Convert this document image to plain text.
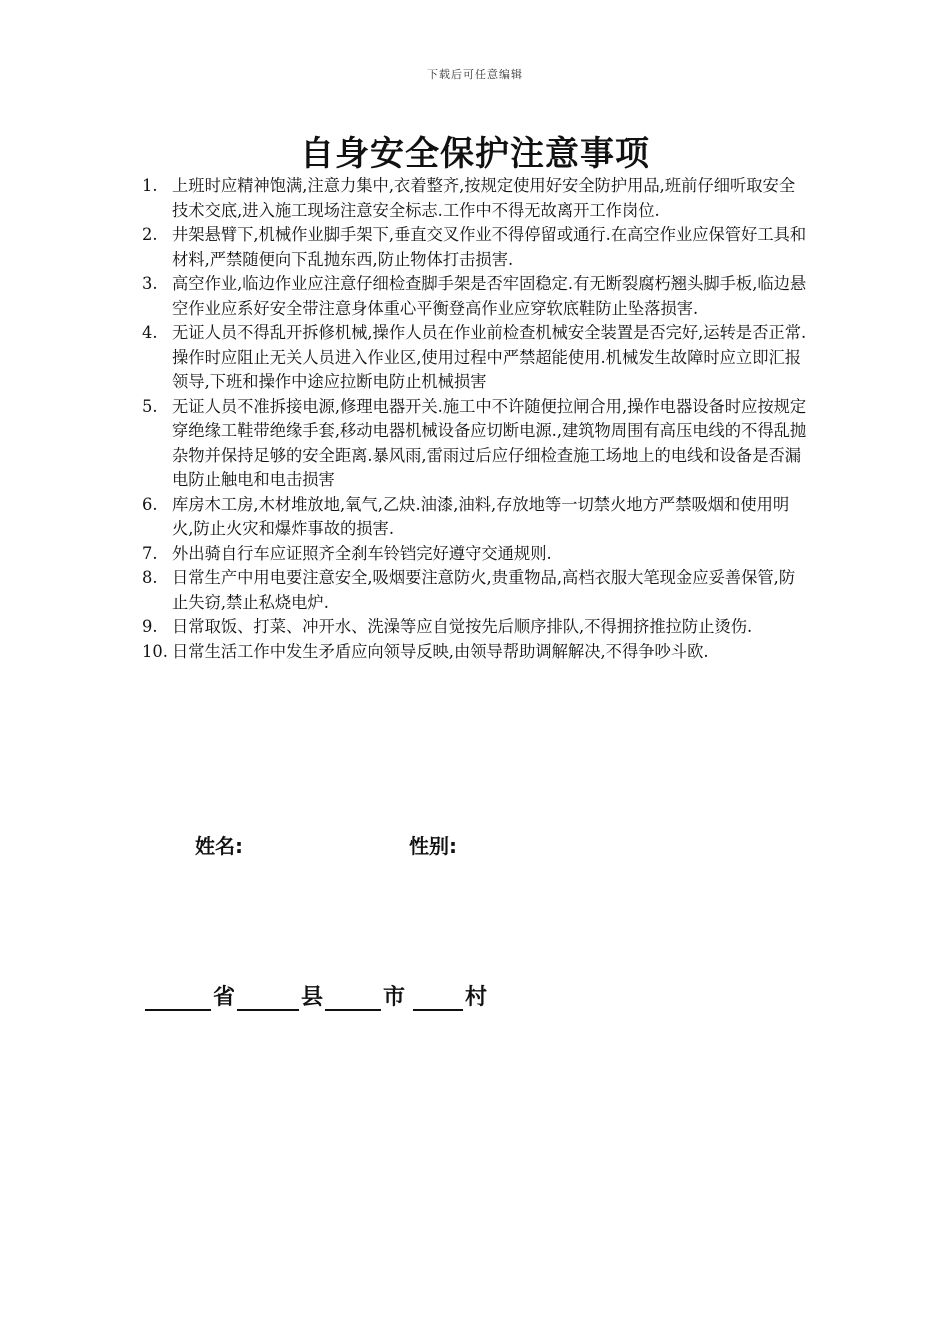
下载后可任意编辑
自身安全保护注意事项
1. 上班时应精神饱满,注意力集中,衣着整齐,按规定使用好安全防护用品,班前仔细听取安全技术交底,进入施工现场注意安全标志.工作中不得无故离开工作岗位.
2. 井架悬臂下,机械作业脚手架下,垂直交叉作业不得停留或通行.在高空作业应保管好工具和材料,严禁随便向下乱抛东西,防止物体打击损害.
3. 高空作业,临边作业应注意仔细检查脚手架是否牢固稳定.有无断裂腐朽翘头脚手板,临边悬空作业应系好安全带注意身体重心平衡登高作业应穿软底鞋防止坠落损害.
4. 无证人员不得乱开拆修机械,操作人员在作业前检查机械安全装置是否完好,运转是否正常.操作时应阻止无关人员进入作业区,使用过程中严禁超能使用.机械发生故障时应立即汇报领导,下班和操作中途应拉断电防止机械损害
5. 无证人员不准拆接电源,修理电器开关.施工中不许随便拉闸合用,操作电器设备时应按规定穿绝缘工鞋带绝缘手套,移动电器机械设备应切断电源.,建筑物周围有高压电线的不得乱抛杂物并保持足够的安全距离.暴风雨,雷雨过后应仔细检查施工场地上的电线和设备是否漏电防止触电和电击损害
6. 库房木工房,木材堆放地,氧气,乙炔.油漆,油料,存放地等一切禁火地方严禁吸烟和使用明火,防止火灾和爆炸事故的损害.
7. 外出骑自行车应证照齐全刹车铃铛完好遵守交通规则.
8. 日常生产中用电要注意安全,吸烟要注意防火,贵重物品,高档衣服大笔现金应妥善保管,防止失窃,禁止私烧电炉.
9. 日常取饭、打菜、冲开水、洗澡等应自觉按先后顺序排队,不得拥挤推拉防止烫伤.
10. 日常生活工作中发生矛盾应向领导反映,由领导帮助调解解决,不得争吵斗欧.
姓名:	性别:
省	县	市	村
